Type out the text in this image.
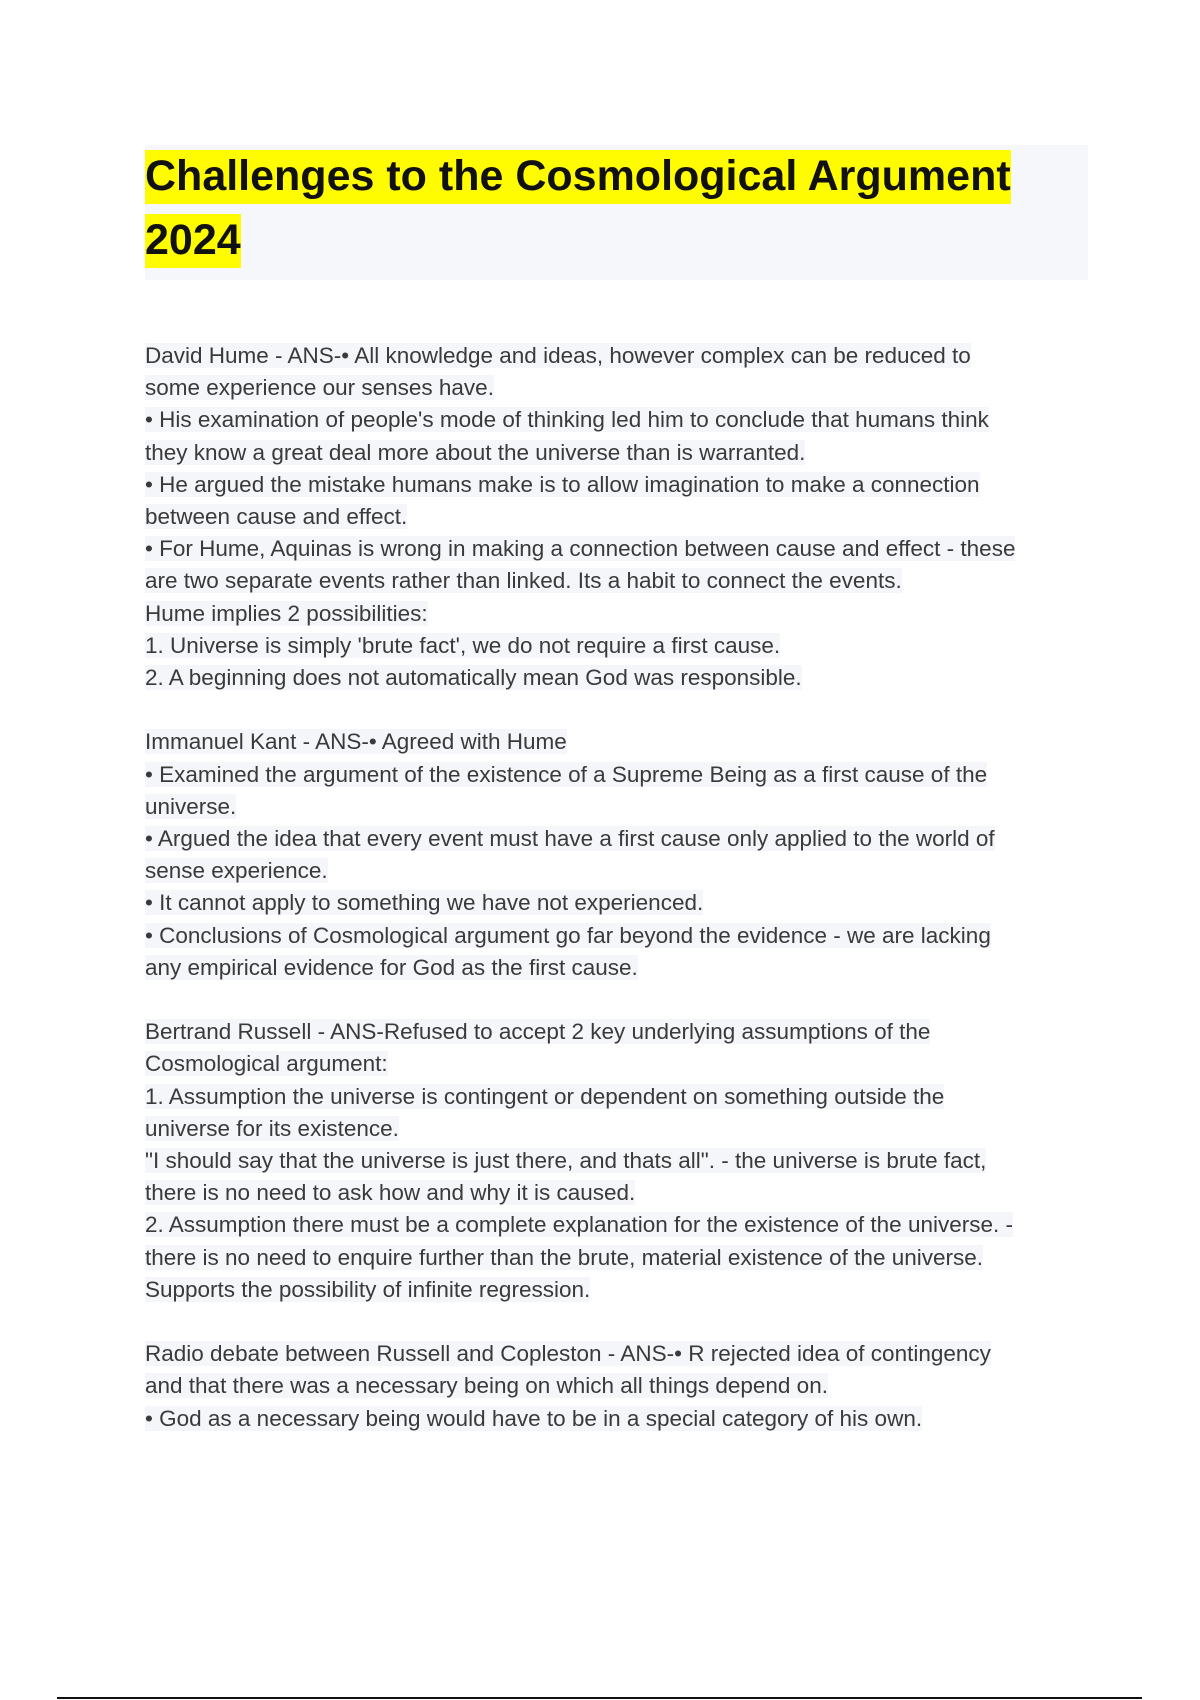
Challenges to the Cosmological Argument
2024
David Hume - ANS-• All knowledge and ideas, however complex can be reduced to
some experience our senses have.
• His examination of people's mode of thinking led him to conclude that humans think
they know a great deal more about the universe than is warranted.
• He argued the mistake humans make is to allow imagination to make a connection
between cause and effect.
• For Hume, Aquinas is wrong in making a connection between cause and effect - these
are two separate events rather than linked. Its a habit to connect the events.
Hume implies 2 possibilities:
1. Universe is simply 'brute fact', we do not require a first cause.
2. A beginning does not automatically mean God was responsible.
Immanuel Kant - ANS-• Agreed with Hume
• Examined the argument of the existence of a Supreme Being as a first cause of the
universe.
• Argued the idea that every event must have a first cause only applied to the world of
sense experience.
• It cannot apply to something we have not experienced.
• Conclusions of Cosmological argument go far beyond the evidence - we are lacking
any empirical evidence for God as the first cause.
Bertrand Russell - ANS-Refused to accept 2 key underlying assumptions of the
Cosmological argument:
1. Assumption the universe is contingent or dependent on something outside the
universe for its existence.
"I should say that the universe is just there, and thats all". - the universe is brute fact,
there is no need to ask how and why it is caused.
2. Assumption there must be a complete explanation for the existence of the universe. -
there is no need to enquire further than the brute, material existence of the universe.
Supports the possibility of infinite regression.
Radio debate between Russell and Copleston - ANS-• R rejected idea of contingency
and that there was a necessary being on which all things depend on.
• God as a necessary being would have to be in a special category of his own.
